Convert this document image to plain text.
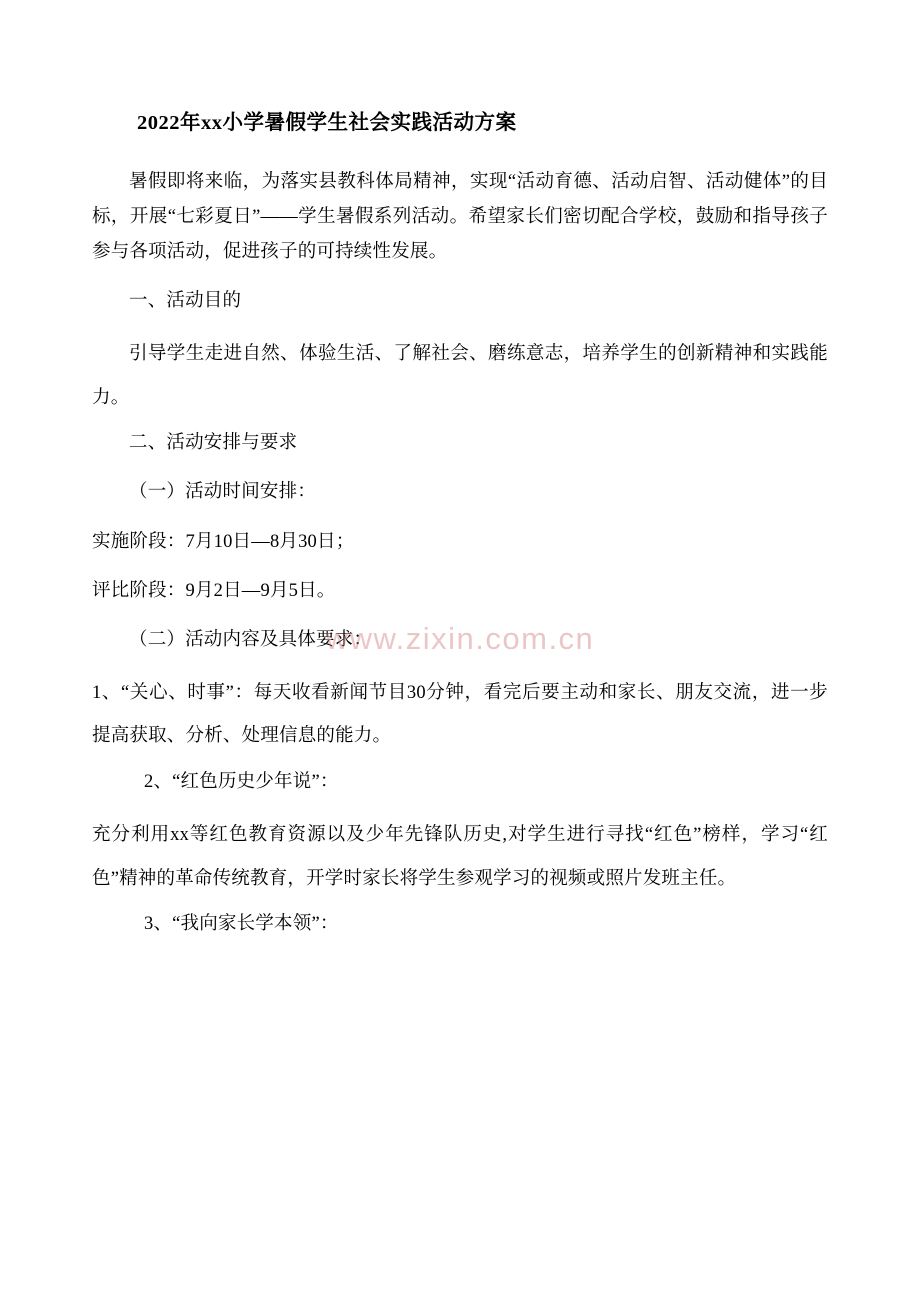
2022年xx小学暑假学生社会实践活动方案

暑假即将来临，为落实县教科体局精神，实现“活动育德、活动启智、活动健体”的目标，开展“七彩夏日”——学生暑假系列活动。希望家长们密切配合学校，鼓励和指导孩子参与各项活动，促进孩子的可持续性发展。

一、活动目的

引导学生走进自然、体验生活、了解社会、磨练意志，培养学生的创新精神和实践能力。

二、活动安排与要求

（一）活动时间安排：

实施阶段：7月10日—8月30日；

评比阶段：9月2日—9月5日。

（二）活动内容及具体要求：

1、“关心、时事”：每天收看新闻节目30分钟，看完后要主动和家长、朋友交流，进一步提高获取、分析、处理信息的能力。

2、“红色历史少年说”：

充分利用xx等红色教育资源以及少年先锋队历史,对学生进行寻找“红色”榜样，学习“红色”精神的革命传统教育，开学时家长将学生参观学习的视频或照片发班主任。

3、“我向家长学本领”：

www.zixin.com.cn
